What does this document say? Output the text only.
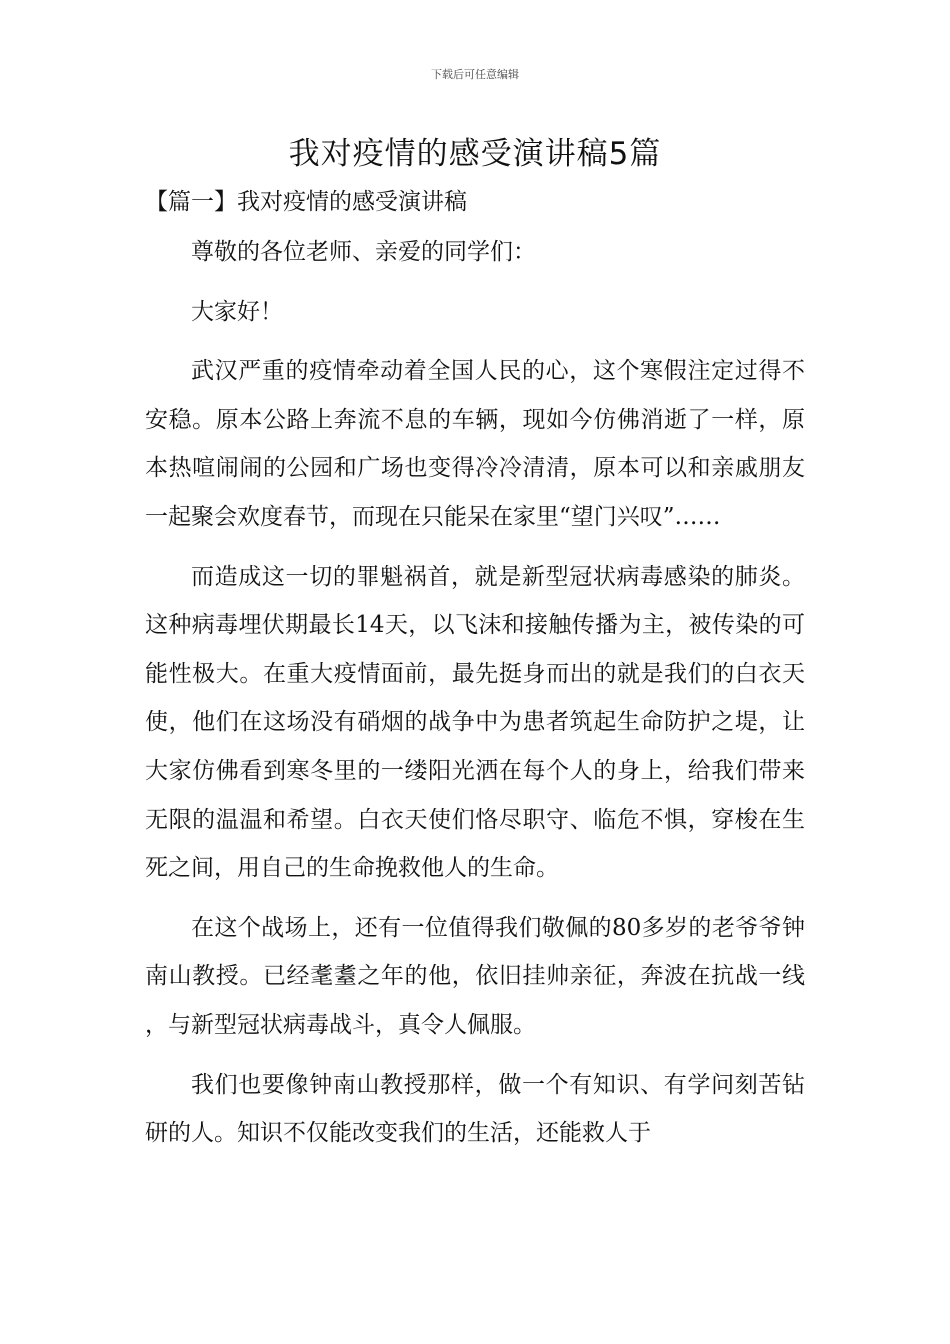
下载后可任意编辑
我对疫情的感受演讲稿5篇
【篇一】我对疫情的感受演讲稿

尊敬的各位老师、亲爱的同学们：

大家好！

武汉严重的疫情牵动着全国人民的心，这个寒假注定过得不安稳。原本公路上奔流不息的车辆，现如今仿佛消逝了一样，原本热喧闹闹的公园和广场也变得冷冷清清，原本可以和亲戚朋友一起聚会欢度春节，而现在只能呆在家里“望门兴叹”……

而造成这一切的罪魁祸首，就是新型冠状病毒感染的肺炎。这种病毒埋伏期最长14天，以飞沫和接触传播为主，被传染的可能性极大。在重大疫情面前，最先挺身而出的就是我们的白衣天使，他们在这场没有硝烟的战争中为患者筑起生命防护之堤，让大家仿佛看到寒冬里的一缕阳光洒在每个人的身上，给我们带来无限的温温和希望。白衣天使们恪尽职守、临危不惧，穿梭在生死之间，用自己的生命挽救他人的生命。

在这个战场上，还有一位值得我们敬佩的80多岁的老爷爷钟南山教授。已经耄耋之年的他，依旧挂帅亲征，奔波在抗战一线，与新型冠状病毒战斗，真令人佩服。

我们也要像钟南山教授那样，做一个有知识、有学问刻苦钻研的人。知识不仅能改变我们的生活，还能救人于
